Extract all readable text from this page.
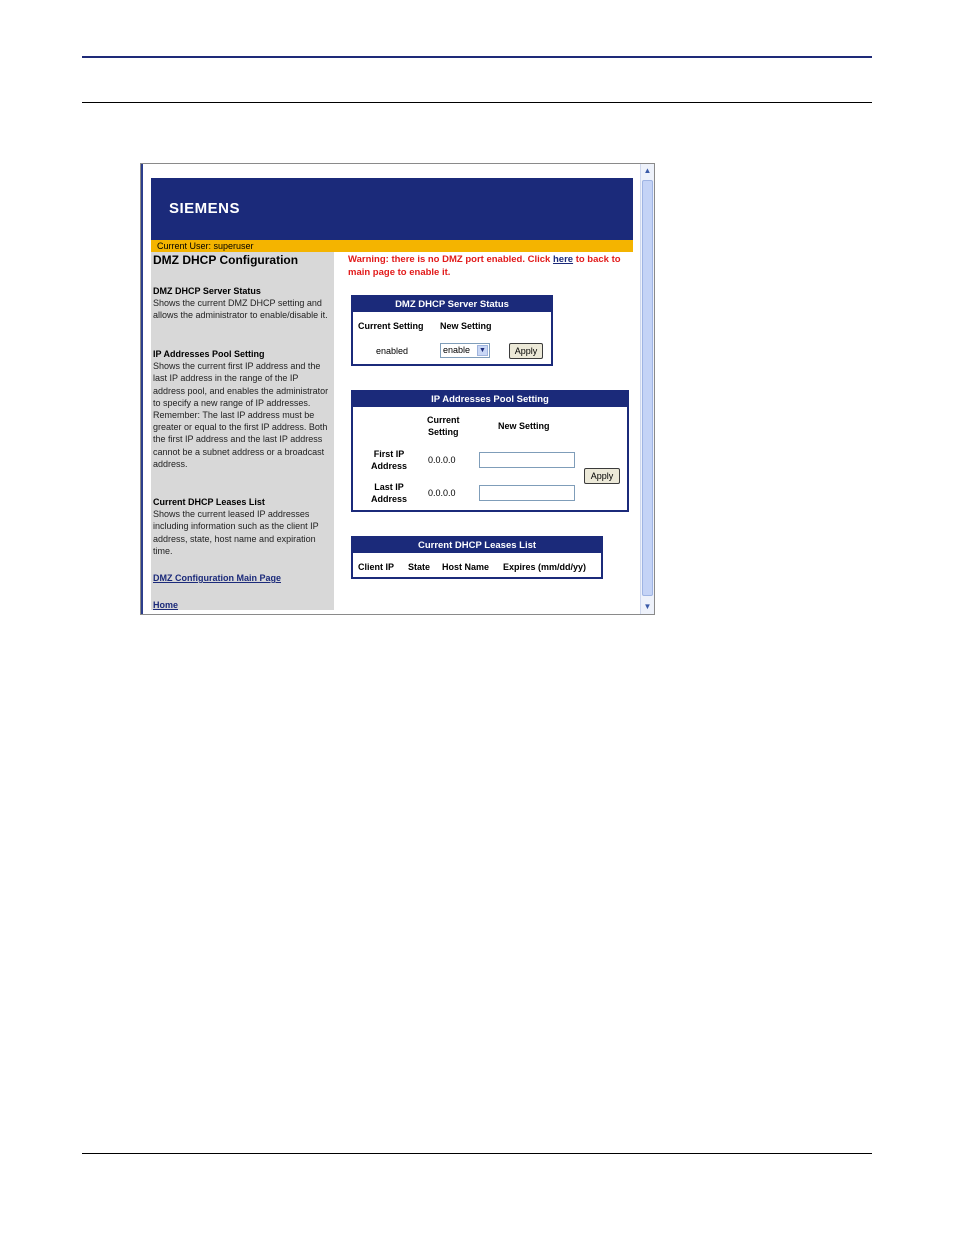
SIEMENS
Current User: superuser
DMZ DHCP Configuration
DMZ DHCP Server Status
Shows the current DMZ DHCP setting and allows the administrator to enable/disable it.
IP Addresses Pool Setting
Shows the current first IP address and the last IP address in the range of the IP address pool, and enables the administrator to specify a new range of IP addresses. Remember: The last IP address must be greater or equal to the first IP address. Both the first IP address and the last IP address cannot be a subnet address or a broadcast address.
Current DHCP Leases List
Shows the current leased IP addresses including information such as the client IP address, state, host name and expiration time.
DMZ Configuration Main Page
Home
Warning: there is no DMZ port enabled. Click here to back to main page to enable it.
DMZ DHCP Server Status
Current Setting New Setting
enabled	enable ▼	Apply
IP Addresses Pool Setting
Current
Setting
New Setting
First IP
Address
0.0.0.0
Last IP
Address
0.0.0.0
Apply
Current DHCP Leases List
Client IP State Host Name Expires (mm/dd/yy)
▲
▼
